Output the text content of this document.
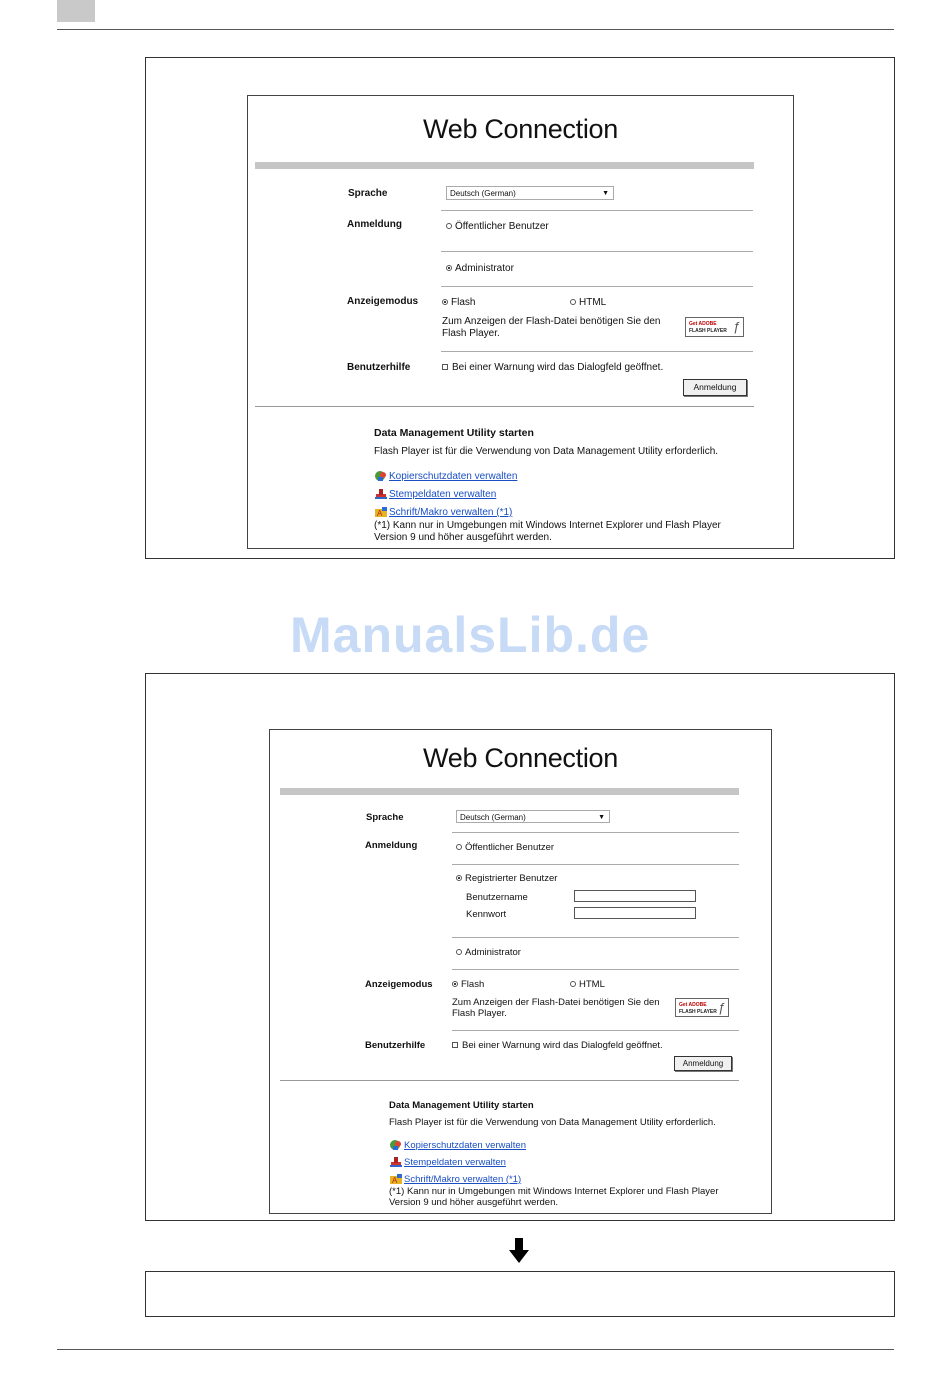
Web Connection
Sprache	Deutsch (German)	▼
Anmeldung	Öffentlicher Benutzer
Administrator
Anzeigemodus	Flash	HTML
Zum Anzeigen der Flash-Datei benötigen Sie den
Flash Player.
Get ADOBE
FLASH PLAYER ƒ
Benutzerhilfe	Bei einer Warnung wird das Dialogfeld geöffnet.
Anmeldung
Data Management Utility starten
Flash Player ist für die Verwendung von Data Management Utility erforderlich.
Kopierschutzdaten verwalten
Stempeldaten verwalten
A Schrift/Makro verwalten (*1)
(*1) Kann nur in Umgebungen mit Windows Internet Explorer und Flash Player
Version 9 und höher ausgeführt werden.
ManualsLib.de
Web Connection
Sprache	Deutsch (German)	▼
Anmeldung	Öffentlicher Benutzer
Registrierter Benutzer
Benutzername
Kennwort
Administrator
Anzeigemodus	Flash	HTML
Zum Anzeigen der Flash-Datei benötigen Sie den
Flash Player.
Get ADOBE
FLASH PLAYER ƒ
Benutzerhilfe	Bei einer Warnung wird das Dialogfeld geöffnet.
Anmeldung
Data Management Utility starten
Flash Player ist für die Verwendung von Data Management Utility erforderlich.
Kopierschutzdaten verwalten
Stempeldaten verwalten
A Schrift/Makro verwalten (*1)
(*1) Kann nur in Umgebungen mit Windows Internet Explorer und Flash Player
Version 9 und höher ausgeführt werden.
